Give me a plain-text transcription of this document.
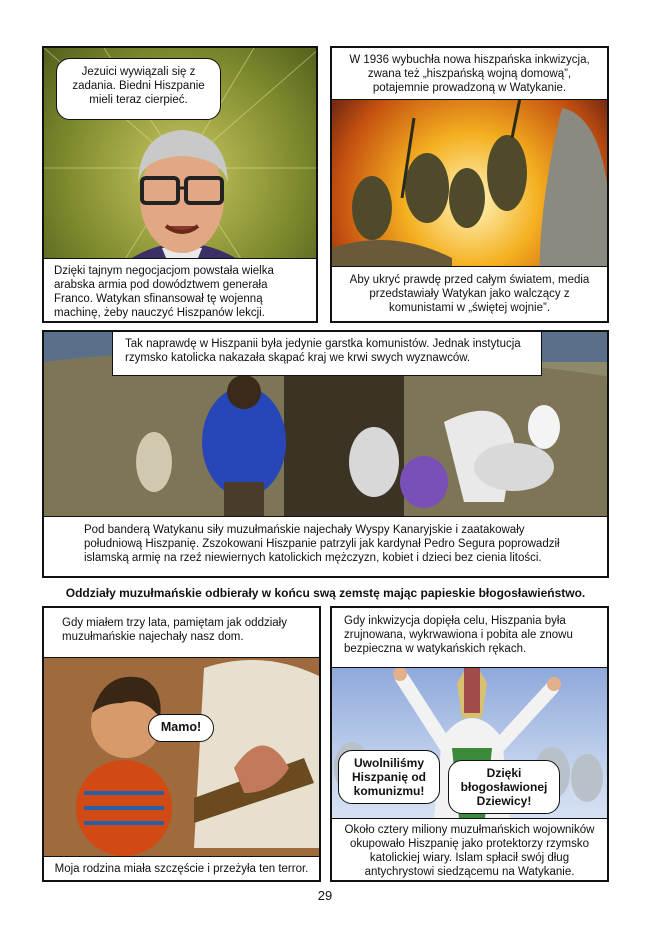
Jezuici wywiązali się z zadania. Biedni Hiszpanie mieli teraz cierpieć.
Dzięki tajnym negocjacjom powstała wielka arabska armia pod dowództwem generała Franco. Watykan sfinansował tę wojenną machinę, żeby nauczyć Hiszpanów lekcji.
W 1936 wybuchła nowa hiszpańska inkwizycja, zwana też „hiszpańską wojną domową”, potajemnie prowadzoną w Watykanie.
Aby ukryć prawdę przed całym światem, media przedstawiały Watykan jako walczący z komunistami w „świętej wojnie”.
Tak naprawdę w Hiszpanii była jedynie garstka komunistów. Jednak instytucja rzymsko katolicka nakazała skąpać kraj we krwi swych wyznawców.
Pod banderą Watykanu siły muzułmańskie najechały Wyspy Kanaryjskie i zaatakowały południową Hiszpanię. Zszokowani Hiszpanie patrzyli jak kardynał Pedro Segura poprowadził islamską armię na rzeź niewiernych katolickich mężczyzn, kobiet i dzieci bez cienia litości.
Oddziały muzułmańskie odbierały w końcu swą zemstę mając papieskie błogosławieństwo.
Gdy miałem trzy lata, pamiętam jak oddziały muzułmańskie najechały nasz dom.
Mamo!
Moja rodzina miała szczęście i przeżyła ten terror.
Gdy inkwizycja dopięła celu, Hiszpania była zrujnowana, wykrwawiona i pobita ale znowu bezpieczna w watykańskich rękach.
Uwolniliśmy Hiszpanię od komunizmu!
Dzięki błogosławionej Dziewicy!
Około cztery miliony muzułmańskich wojowników okupowało Hiszpanię jako protektorzy rzymsko katolickiej wiary. Islam spłacił swój dług antychrystowi siedzącemu na Watykanie.
29
